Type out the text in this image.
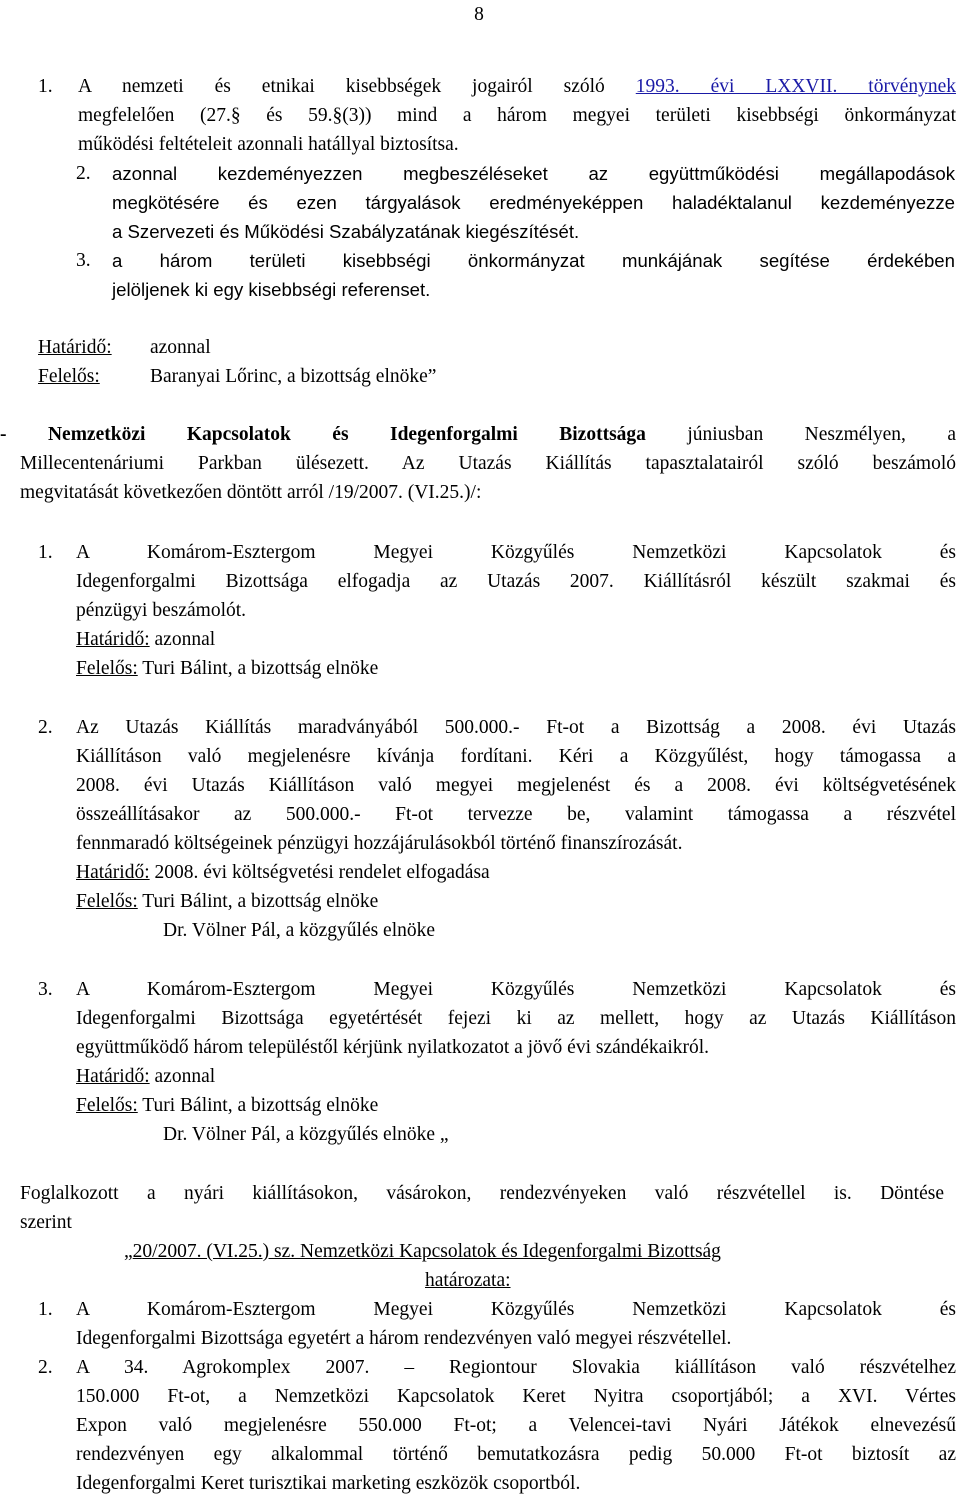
8
1. A nemzeti és etnikai kisebbségek jogairól szóló 1993. évi LXXVII. törvénynek
megfelelően (27.§ és 59.§(3)) mind a három megyei területi kisebbségi önkormányzat
működési feltételeit azonnali hatállyal biztosítsa.
2. azonnal kezdeményezzen megbeszéléseket az együttműködési megállapodások
megkötésére és ezen tárgyalások eredményeképpen haladéktalanul kezdeményezze
a Szervezeti és Működési Szabályzatának kiegészítését.
3. a három területi kisebbségi önkormányzat munkájának segítése érdekében
jelöljenek ki egy kisebbségi referenset.
Határidő: azonnal
Felelős:	Baranyai Lőrinc, a bizottság elnöke”
- Nemzetközi Kapcsolatok és Idegenforgalmi Bizottsága júniusban Neszmélyen, a
Millecentenáriumi Parkban ülésezett. Az Utazás Kiállítás tapasztalatairól szóló beszámoló
megvitatását következően döntött arról /19/2007. (VI.25.)/:
1. A Komárom-Esztergom Megyei Közgyűlés Nemzetközi Kapcsolatok és
Idegenforgalmi Bizottsága elfogadja az Utazás 2007. Kiállításról készült szakmai és
pénzügyi beszámolót.
Határidő: azonnal
Felelős: Turi Bálint, a bizottság elnöke
2. Az Utazás Kiállítás maradványából 500.000.- Ft-ot a Bizottság a 2008. évi Utazás
Kiállításon való megjelenésre kívánja fordítani. Kéri a Közgyűlést, hogy támogassa a
2008. évi Utazás Kiállításon való megyei megjelenést és a 2008. évi költségvetésének
összeállításakor az 500.000.- Ft-ot tervezze be, valamint támogassa a részvétel
fennmaradó költségeinek pénzügyi hozzájárulásokból történő finanszírozását.
Határidő: 2008. évi költségvetési rendelet elfogadása
Felelős: Turi Bálint, a bizottság elnöke
Dr. Völner Pál, a közgyűlés elnöke
3. A Komárom-Esztergom Megyei Közgyűlés Nemzetközi Kapcsolatok és
Idegenforgalmi Bizottsága egyetértését fejezi ki az mellett, hogy az Utazás Kiállításon
együttműködő három településtől kérjünk nyilatkozatot a jövő évi szándékaikról.
Határidő: azonnal
Felelős: Turi Bálint, a bizottság elnöke
Dr. Völner Pál, a közgyűlés elnöke „
Foglalkozott a nyári kiállításokon, vásárokon, rendezvényeken való részvétellel is. Döntése
szerint
„20/2007. (VI.25.) sz. Nemzetközi Kapcsolatok és Idegenforgalmi Bizottság
határozata:
1. A Komárom-Esztergom Megyei Közgyűlés Nemzetközi Kapcsolatok és
Idegenforgalmi Bizottsága egyetért a három rendezvényen való megyei részvétellel.
2. A 34. Agrokomplex 2007. – Regiontour Slovakia kiállításon való részvételhez
150.000 Ft-ot, a Nemzetközi Kapcsolatok Keret Nyitra csoportjából; a XVI. Vértes
Expon való megjelenésre 550.000 Ft-ot; a Velencei-tavi Nyári Játékok elnevezésű
rendezvényen egy alkalommal történő bemutatkozásra pedig 50.000 Ft-ot biztosít az
Idegenforgalmi Keret turisztikai marketing eszközök csoportból.
